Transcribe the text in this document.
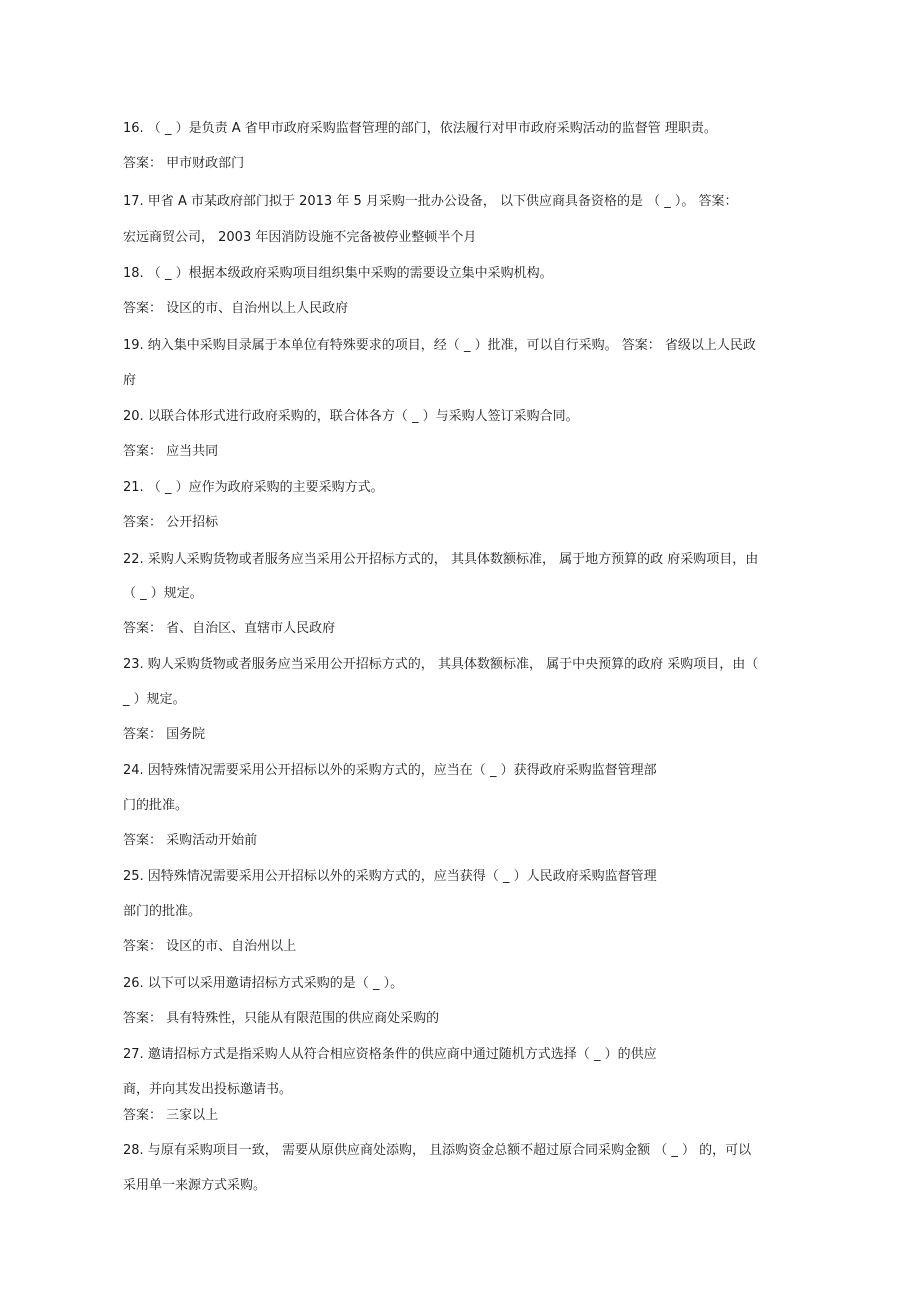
16. （ _ ）是负责 A 省甲市政府采购监督管理的部门，依法履行对甲市政府采购活动的监督管 理职责。
答案： 甲市财政部门
17. 甲省 A 市某政府部门拟于 2013 年 5 月采购一批办公设备， 以下供应商具备资格的是 （ _ ）。 答案：
宏远商贸公司， 2003 年因消防设施不完备被停业整顿半个月
18. （ _ ）根据本级政府采购项目组织集中采购的需要设立集中采购机构。
答案： 设区的市、自治州以上人民政府
19. 纳入集中采购目录属于本单位有特殊要求的项目，经（ _ ）批准，可以自行采购。 答案： 省级以上人民政
府
20. 以联合体形式进行政府采购的，联合体各方（ _ ）与采购人签订采购合同。
答案： 应当共同
21. （ _ ）应作为政府采购的主要采购方式。
答案： 公开招标
22. 采购人采购货物或者服务应当采用公开招标方式的， 其具体数额标准， 属于地方预算的政 府采购项目，由
（ _ ）规定。
答案： 省、自治区、直辖市人民政府
23. 购人采购货物或者服务应当采用公开招标方式的， 其具体数额标准， 属于中央预算的政府 采购项目，由（
_ ）规定。
答案： 国务院
24. 因特殊情况需要采用公开招标以外的采购方式的，应当在（ _ ）获得政府采购监督管理部
门的批准。
答案： 采购活动开始前
25. 因特殊情况需要采用公开招标以外的采购方式的，应当获得（ _ ）人民政府采购监督管理
部门的批准。
答案： 设区的市、自治州以上
26. 以下可以采用邀请招标方式采购的是（ _ ）。
答案： 具有特殊性，只能从有限范围的供应商处采购的
27. 邀请招标方式是指采购人从符合相应资格条件的供应商中通过随机方式选择（ _ ）的供应
商，并向其发出投标邀请书。
答案： 三家以上
28. 与原有采购项目一致， 需要从原供应商处添购， 且添购资金总额不超过原合同采购金额 （ _ ） 的，可以
采用单一来源方式采购。
